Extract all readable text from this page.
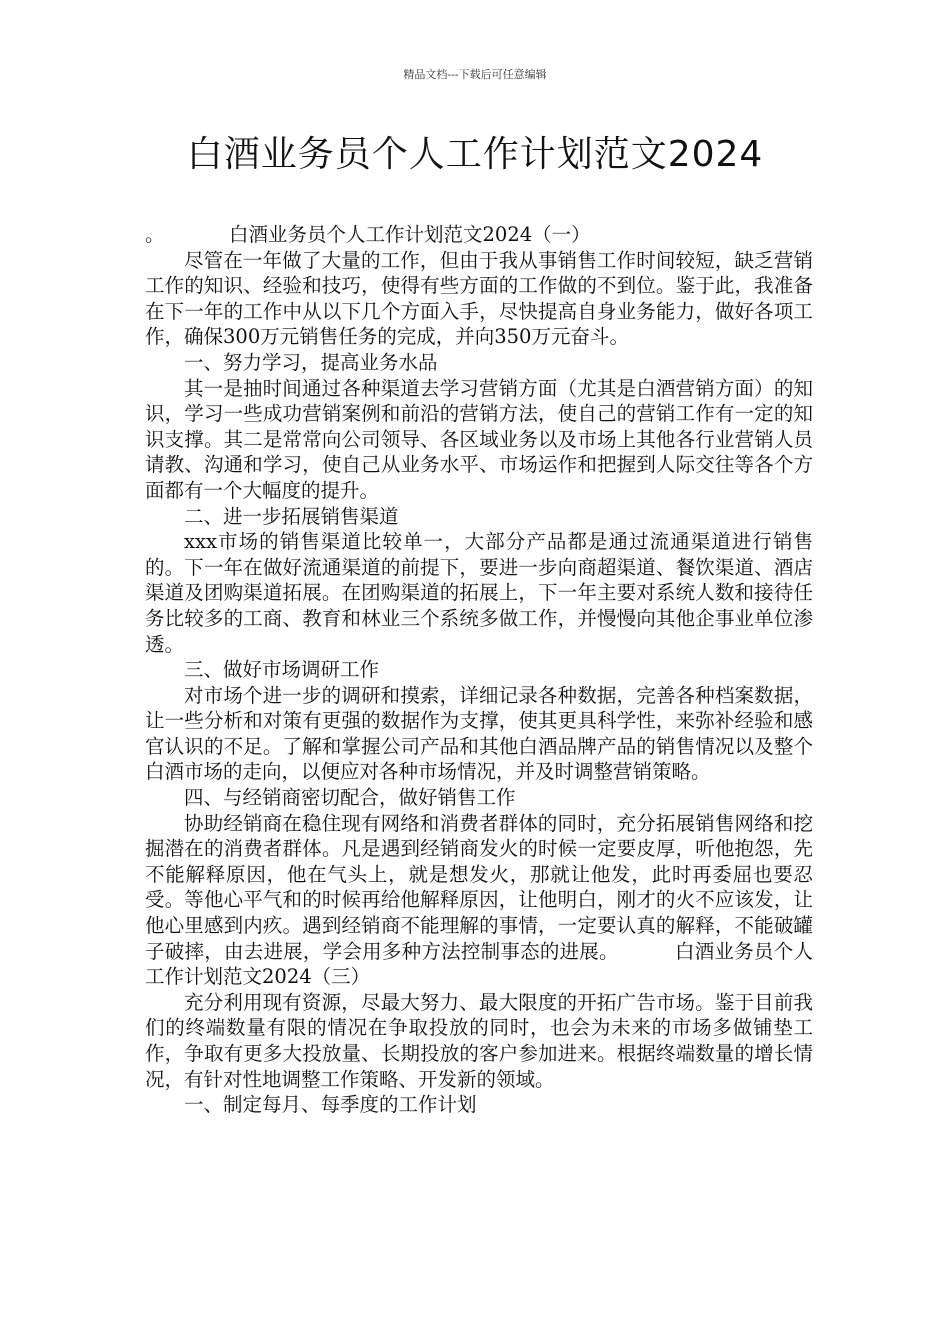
精品文档---下载后可任意编辑
白酒业务员个人工作计划范文2024

。	白酒业务员个人工作计划范文2024（一）

尽管在一年做了大量的工作，但由于我从事销售工作时间较短，缺乏营销工作的知识、经验和技巧，使得有些方面的工作做的不到位。鉴于此，我准备在下一年的工作中从以下几个方面入手，尽快提高自身业务能力，做好各项工作，确保300万元销售任务的完成，并向350万元奋斗。

一、努力学习，提高业务水品

其一是抽时间通过各种渠道去学习营销方面（尤其是白酒营销方面）的知识，学习一些成功营销案例和前沿的营销方法，使自己的营销工作有一定的知识支撑。其二是常常向公司领导、各区域业务以及市场上其他各行业营销人员请教、沟通和学习，使自己从业务水平、市场运作和把握到人际交往等各个方面都有一个大幅度的提升。

二、进一步拓展销售渠道

xxx市场的销售渠道比较单一，大部分产品都是通过流通渠道进行销售的。下一年在做好流通渠道的前提下，要进一步向商超渠道、餐饮渠道、酒店渠道及团购渠道拓展。在团购渠道的拓展上，下一年主要对系统人数和接待任务比较多的工商、教育和林业三个系统多做工作，并慢慢向其他企事业单位渗透。

三、做好市场调研工作

对市场个进一步的调研和摸索，详细记录各种数据，完善各种档案数据，让一些分析和对策有更强的数据作为支撑，使其更具科学性，来弥补经验和感官认识的不足。了解和掌握公司产品和其他白酒品牌产品的销售情况以及整个白酒市场的走向，以便应对各种市场情况，并及时调整营销策略。

四、与经销商密切配合，做好销售工作

协助经销商在稳住现有网络和消费者群体的同时，充分拓展销售网络和挖掘潜在的消费者群体。凡是遇到经销商发火的时候一定要皮厚，听他抱怨，先不能解释原因，他在气头上，就是想发火，那就让他发，此时再委屈也要忍受。等他心平气和的时候再给他解释原因，让他明白，刚才的火不应该发，让他心里感到内疚。遇到经销商不能理解的事情，一定要认真的解释，不能破罐子破摔，由去进展，学会用多种方法控制事态的进展。	白酒业务员个人工作计划范文2024（三）

充分利用现有资源，尽最大努力、最大限度的开拓广告市场。鉴于目前我们的终端数量有限的情况在争取投放的同时，也会为未来的市场多做铺垫工作，争取有更多大投放量、长期投放的客户参加进来。根据终端数量的增长情况，有针对性地调整工作策略、开发新的领域。

一、制定每月、每季度的工作计划
